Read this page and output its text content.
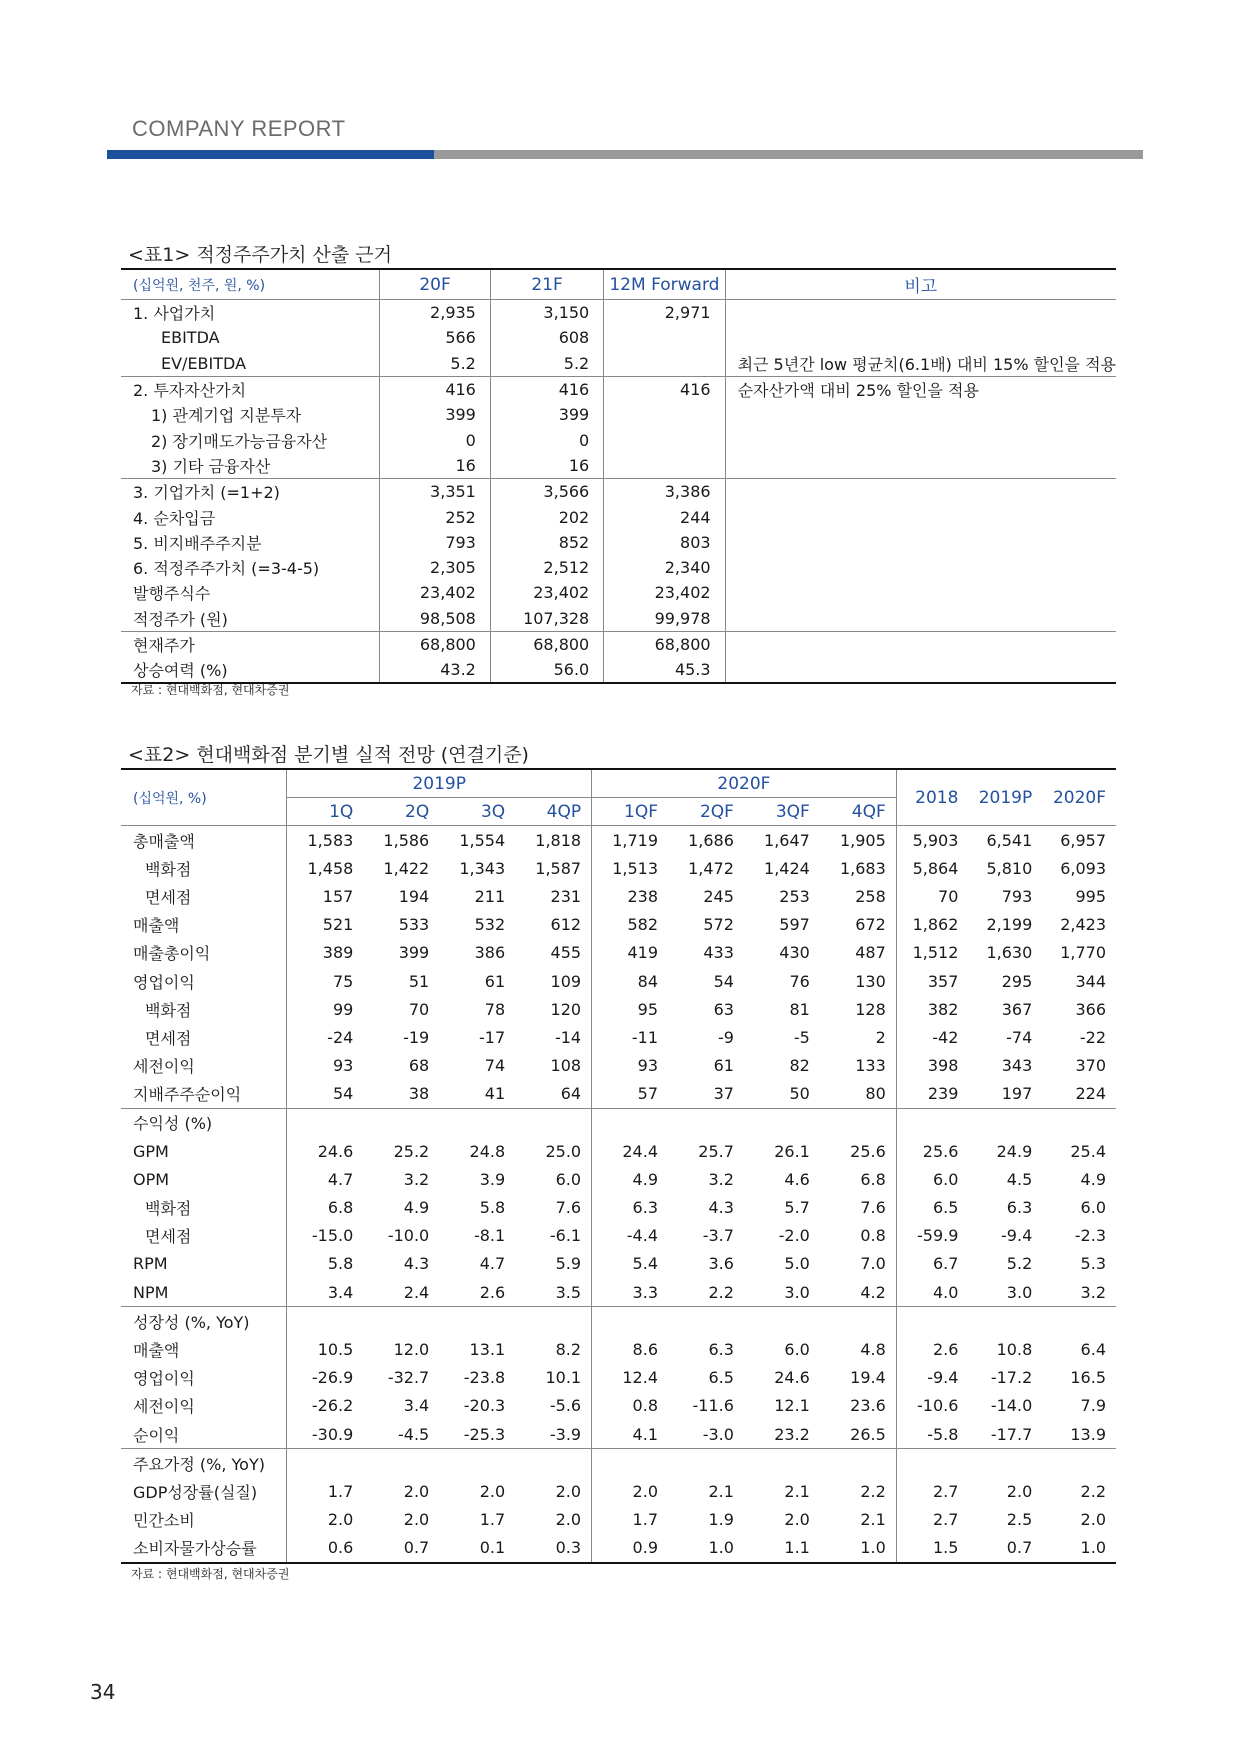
COMPANY REPORT
<표1> 적정주주가치 산출 근거
(십억원, 천주, 원, %)	20F	21F	12M Forward	비고
1. 사업가치	2,935	3,150	2,971	
EBITDA	566	608		
EV/EBITDA	5.2	5.2		최근 5년간 low 평균치(6.1배) 대비 15% 할인을 적용
2. 투자자산가치	416	416	416	순자산가액 대비 25% 할인을 적용
1) 관계기업 지분투자	399	399		
2) 장기매도가능금융자산	0	0		
3) 기타 금융자산	16	16		
3. 기업가치 (=1+2)	3,351	3,566	3,386	
4. 순차입금	252	202	244	
5. 비지배주주지분	793	852	803	
6. 적정주주가치 (=3-4-5)	2,305	2,512	2,340	
발행주식수	23,402	23,402	23,402	
적정주가 (원)	98,508	107,328	99,978	
현재주가	68,800	68,800	68,800	
상승여력 (%)	43.2	56.0	45.3	
자료 : 현대백화점, 현대차증권
<표2> 현대백화점 분기별 실적 전망 (연결기준)
(십억원, %)	2019P				2020F				2018	2019P	2020F
	1Q	2Q	3Q	4QP	1QF	2QF	3QF	4QF			
총매출액	1,583	1,586	1,554	1,818	1,719	1,686	1,647	1,905	5,903	6,541	6,957
백화점	1,458	1,422	1,343	1,587	1,513	1,472	1,424	1,683	5,864	5,810	6,093
면세점	157	194	211	231	238	245	253	258	70	793	995
매출액	521	533	532	612	582	572	597	672	1,862	2,199	2,423
매출총이익	389	399	386	455	419	433	430	487	1,512	1,630	1,770
영업이익	75	51	61	109	84	54	76	130	357	295	344
백화점	99	70	78	120	95	63	81	128	382	367	366
면세점	-24	-19	-17	-14	-11	-9	-5	2	-42	-74	-22
세전이익	93	68	74	108	93	61	82	133	398	343	370
지배주주순이익	54	38	41	64	57	37	50	80	239	197	224
수익성 (%)											
GPM	24.6	25.2	24.8	25.0	24.4	25.7	26.1	25.6	25.6	24.9	25.4
OPM	4.7	3.2	3.9	6.0	4.9	3.2	4.6	6.8	6.0	4.5	4.9
백화점	6.8	4.9	5.8	7.6	6.3	4.3	5.7	7.6	6.5	6.3	6.0
면세점	-15.0	-10.0	-8.1	-6.1	-4.4	-3.7	-2.0	0.8	-59.9	-9.4	-2.3
RPM	5.8	4.3	4.7	5.9	5.4	3.6	5.0	7.0	6.7	5.2	5.3
NPM	3.4	2.4	2.6	3.5	3.3	2.2	3.0	4.2	4.0	3.0	3.2
성장성 (%, YoY)											
매출액	10.5	12.0	13.1	8.2	8.6	6.3	6.0	4.8	2.6	10.8	6.4
영업이익	-26.9	-32.7	-23.8	10.1	12.4	6.5	24.6	19.4	-9.4	-17.2	16.5
세전이익	-26.2	3.4	-20.3	-5.6	0.8	-11.6	12.1	23.6	-10.6	-14.0	7.9
순이익	-30.9	-4.5	-25.3	-3.9	4.1	-3.0	23.2	26.5	-5.8	-17.7	13.9
주요가정 (%, YoY)											
GDP성장률(실질)	1.7	2.0	2.0	2.0	2.0	2.1	2.1	2.2	2.7	2.0	2.2
민간소비	2.0	2.0	1.7	2.0	1.7	1.9	2.0	2.1	2.7	2.5	2.0
소비자물가상승률	0.6	0.7	0.1	0.3	0.9	1.0	1.1	1.0	1.5	0.7	1.0
자료 : 현대백화점, 현대차증권
34
